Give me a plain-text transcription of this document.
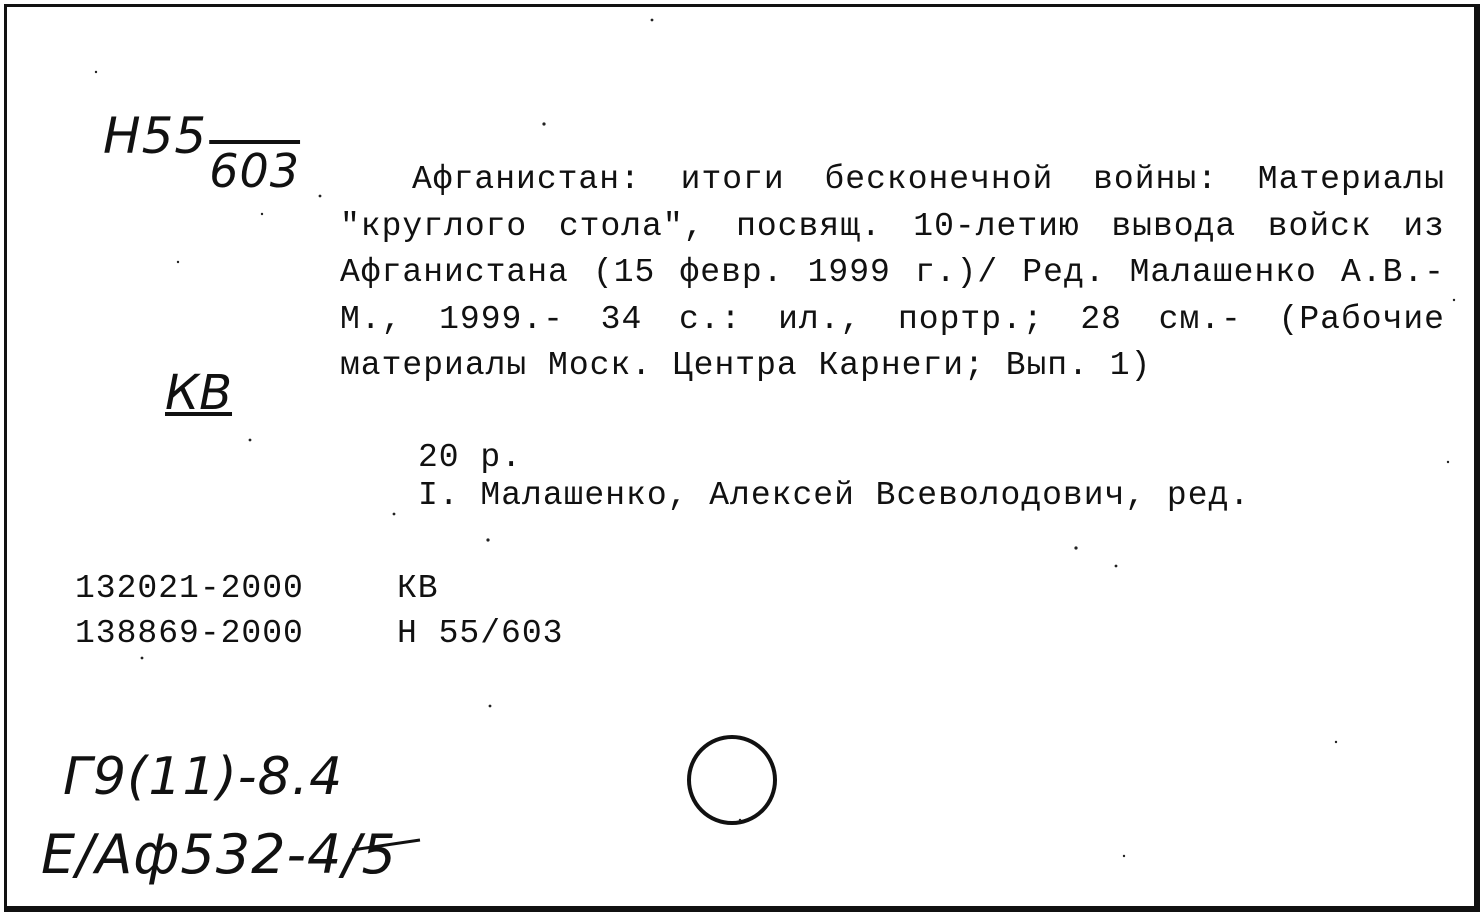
H55603
КВ

Афганистан: итоги бесконечной войны: Материалы "круглого стола", посвящ. 10-летию вывода войск из Афганистана (15 февр. 1999 г.)/ Ред. Малашенко А.В.- М., 1999.- 34 с.: ил., портр.; 28 см.- (Рабочие материалы Моск. Центра Карнеги; Вып. 1)

20 р.

I. Малашенко, Алексей Всеволодович, ред.

132021-2000	КВ
138869-2000	Н 55/603
Г9(11)-8.4
Е/Аф532-4/5
